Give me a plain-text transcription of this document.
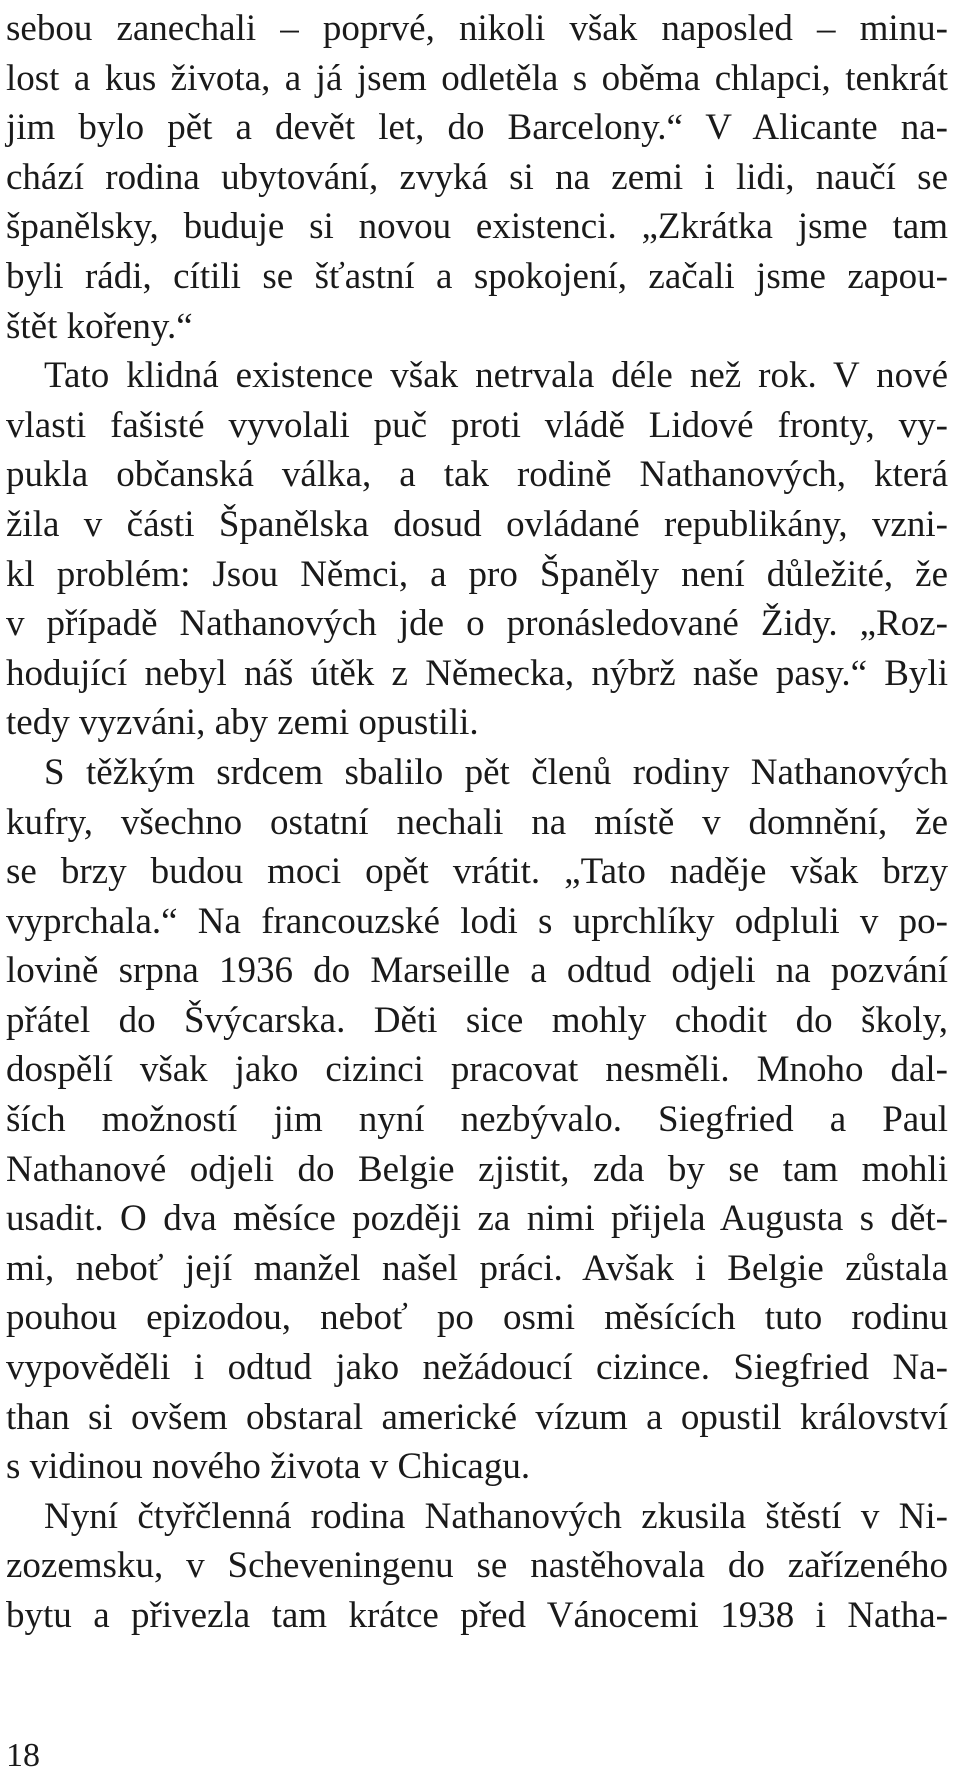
sebou zanechali – poprvé, nikoli však naposled – minu-
lost a kus života, a já jsem odletěla s oběma chlapci, tenkrát
jim bylo pět a devět let, do Barcelony.“ V Alicante na-
chází rodina ubytování, zvyká si na zemi i lidi, naučí se
španělsky, buduje si novou existenci. „Zkrátka jsme tam
byli rádi, cítili se šťastní a spokojení, začali jsme zapou-
štět kořeny.“
Tato klidná existence však netrvala déle než rok. V nové
vlasti fašisté vyvolali puč proti vládě Lidové fronty, vy-
pukla občanská válka, a tak rodině Nathanových, která
žila v části Španělska dosud ovládané republikány, vzni-
kl problém: Jsou Němci, a pro Španěly není důležité, že
v případě Nathanových jde o pronásledované Židy. „Roz-
hodující nebyl náš útěk z Německa, nýbrž naše pasy.“ Byli
tedy vyzváni, aby zemi opustili.
S těžkým srdcem sbalilo pět členů rodiny Nathanových
kufry, všechno ostatní nechali na místě v domnění, že
se brzy budou moci opět vrátit. „Tato naděje však brzy
vyprchala.“ Na francouzské lodi s uprchlíky odpluli v po-
lovině srpna 1936 do Marseille a odtud odjeli na pozvání
přátel do Švýcarska. Děti sice mohly chodit do školy,
dospělí však jako cizinci pracovat nesměli. Mnoho dal-
ších možností jim nyní nezbývalo. Siegfried a Paul
Nathanové odjeli do Belgie zjistit, zda by se tam mohli
usadit. O dva měsíce později za nimi přijela Augusta s dět-
mi, neboť její manžel našel práci. Avšak i Belgie zůstala
pouhou epizodou, neboť po osmi měsících tuto rodinu
vypověděli i odtud jako nežádoucí cizince. Siegfried Na-
than si ovšem obstaral americké vízum a opustil království
s vidinou nového života v Chicagu.
Nyní čtyřčlenná rodina Nathanových zkusila štěstí v Ni-
zozemsku, v Scheveningenu se nastěhovala do zařízeného
bytu a přivezla tam krátce před Vánocemi 1938 i Natha-
18
